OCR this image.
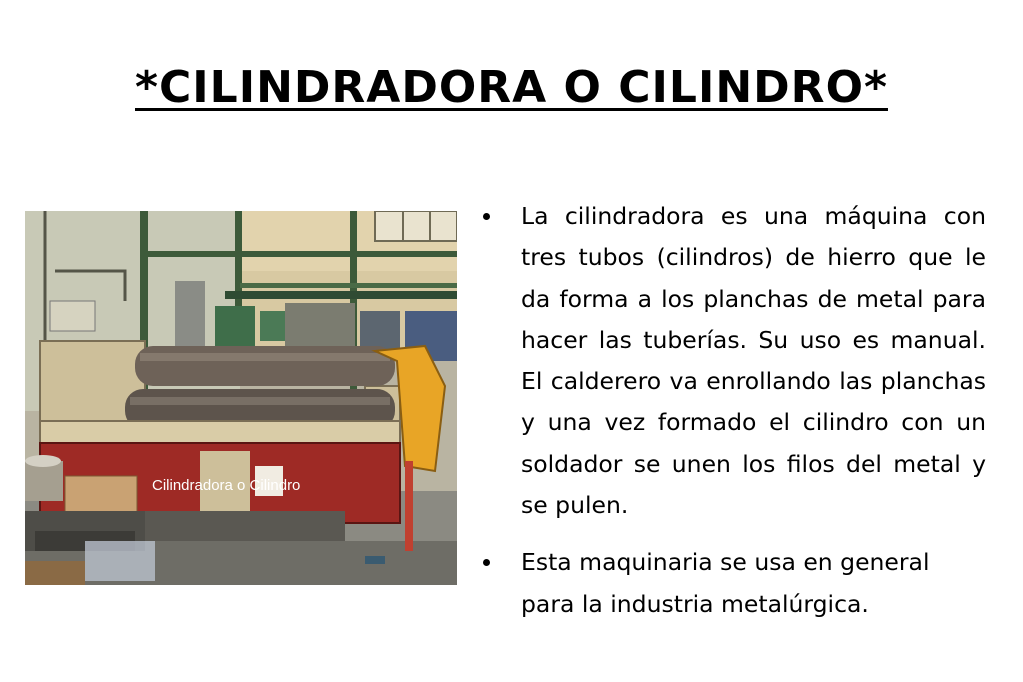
*CILINDRADORA O CILINDRO*
Cilindradora o Cilindro
La cilindradora es una máquina con tres tubos (cilindros) de hierro que le da forma a los planchas de metal para hacer las tuberías. Su uso es manual. El calderero va enrollando las planchas y una vez formado el cilindro con un soldador se unen los filos del metal y se pulen.
Esta maquinaria se usa en general para la industria metalúrgica.
